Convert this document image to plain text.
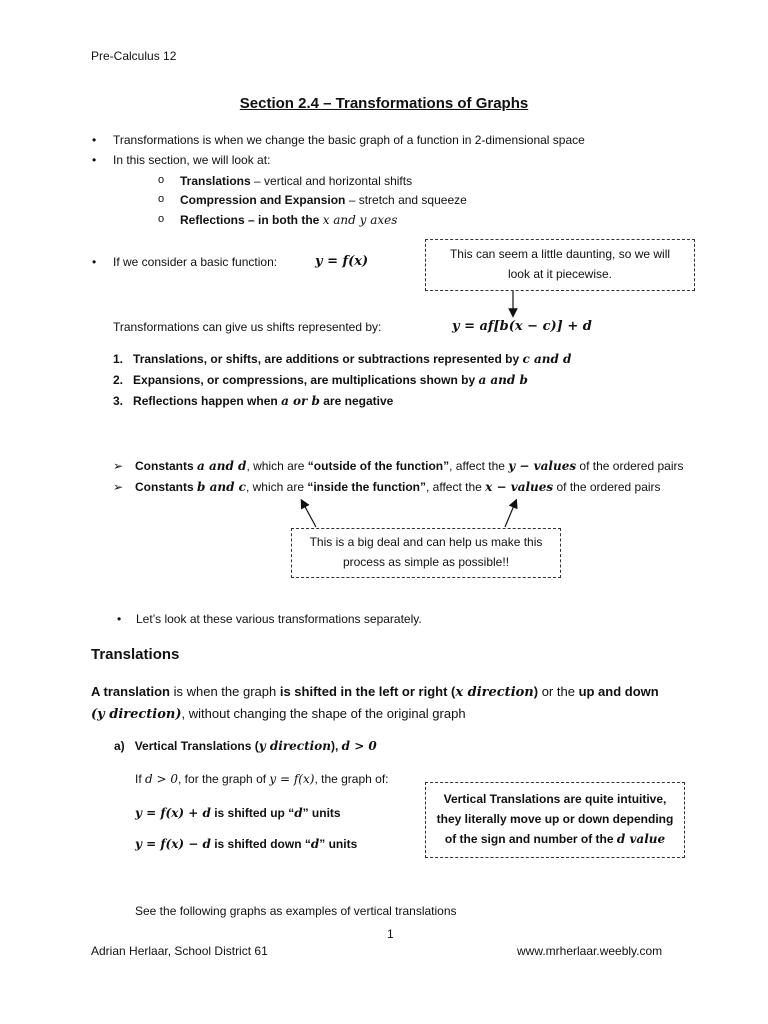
Pre-Calculus 12
Section 2.4 – Transformations of Graphs
• Transformations is when we change the basic graph of a function in 2-dimensional space
• In this section, we will look at:
o Translations – vertical and horizontal shifts
o Compression and Expansion – stretch and squeeze
o Reflections – in both the x and y axes
• If we consider a basic function:	y = f(x)	This can seem a little daunting, so we will
look at it piecewise.
Transformations can give us shifts represented by:	y = af[b(x − c)] + d
1. Translations, or shifts, are additions or subtractions represented by c and d
2. Expansions, or compressions, are multiplications shown by a and b
3. Reflections happen when a or b are negative
➢ Constants a and d, which are “outside of the function”, affect the y − values of the ordered pairs
➢ Constants b and c, which are “inside the function”, affect the x − values of the ordered pairs
This is a big deal and can help us make this
process as simple as possible!!
• Let’s look at these various transformations separately.
Translations
A translation is when the graph is shifted in the left or right (x direction) or the up and down
(y direction), without changing the shape of the original graph
a) Vertical Translations (y direction), d > 0
If d > 0, for the graph of y = f(x), the graph of:
y = f(x) + d is shifted up “d” units
y = f(x) − d is shifted down “d” units
Vertical Translations are quite intuitive,
they literally move up or down depending
of the sign and number of the d value
See the following graphs as examples of vertical translations
1
Adrian Herlaar, School District 61	www.mrherlaar.weebly.com
